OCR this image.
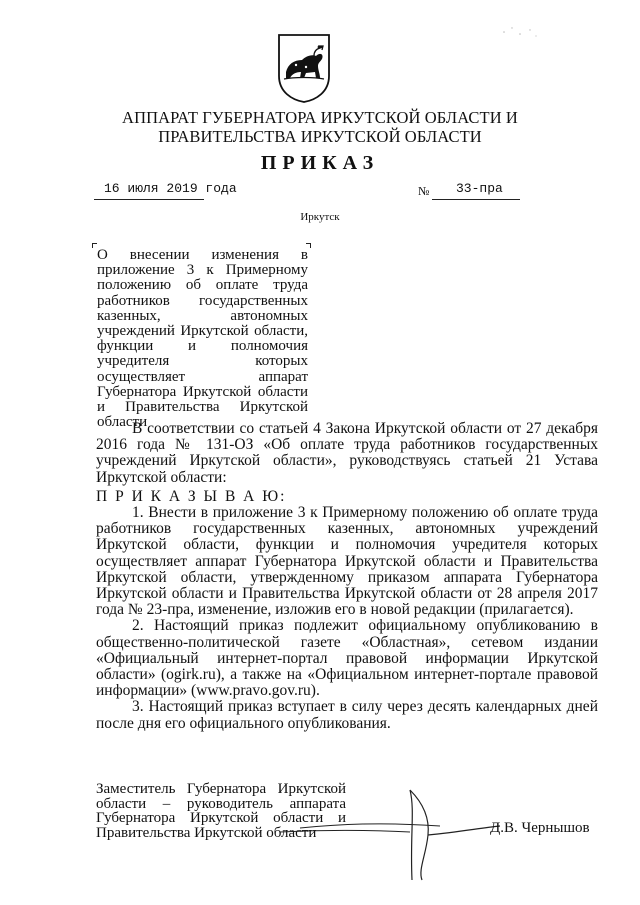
АППАРАТ ГУБЕРНАТОРА ИРКУТСКОЙ ОБЛАСТИ И
ПРАВИТЕЛЬСТВА ИРКУТСКОЙ ОБЛАСТИ
ПРИКАЗ
16 июля 2019 года	№ 33-пра
Иркутск
О внесении изменения в приложение 3 к Примерному положению об оплате труда работников государственных казенных, автономных учреждений Иркутской области, функции и полномочия учредителя которых осуществляет аппарат Губернатора Иркутской области и Правительства Иркутской области

В соответствии со статьей 4 Закона Иркутской области от 27 декабря 2016 года № 131-ОЗ «Об оплате труда работников государственных учреждений Иркутской области», руководствуясь статьей 21 Устава Иркутской области:

П Р И К А З Ы В А Ю:

1. Внести в приложение 3 к Примерному положению об оплате труда работников государственных казенных, автономных учреждений Иркутской области, функции и полномочия учредителя которых осуществляет аппарат Губернатора Иркутской области и Правительства Иркутской области, утвержденному приказом аппарата Губернатора Иркутской области и Правительства Иркутской области от 28 апреля 2017 года № 23-пра, изменение, изложив его в новой редакции (прилагается).

2. Настоящий приказ подлежит официальному опубликованию в общественно-политической газете «Областная», сетевом издании «Официальный интернет-портал правовой информации Иркутской области» (ogirk.ru), а также на «Официальном интернет-портале правовой информации» (www.pravo.gov.ru).

3. Настоящий приказ вступает в силу через десять календарных дней после дня его официального опубликования.

Заместитель Губернатора Иркутской области – руководитель аппарата Губернатора Иркутской области и Правительства Иркутской области	Д.В. Чернышов
